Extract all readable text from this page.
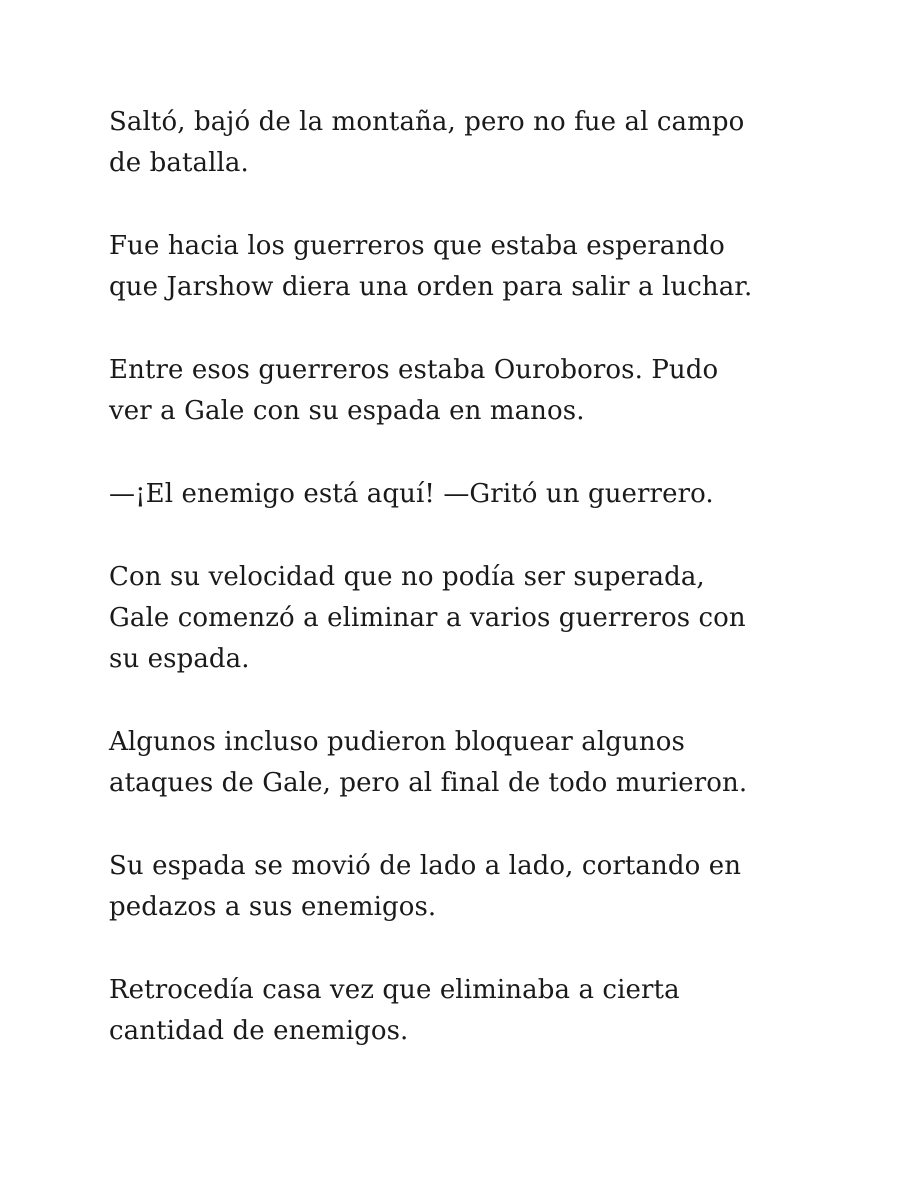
Saltó, bajó de la montaña, pero no fue al campo
de batalla.

Fue hacia los guerreros que estaba esperando
que Jarshow diera una orden para salir a luchar.

Entre esos guerreros estaba Ouroboros. Pudo
ver a Gale con su espada en manos.

—¡El enemigo está aquí! —Gritó un guerrero.

Con su velocidad que no podía ser superada,
Gale comenzó a eliminar a varios guerreros con
su espada.

Algunos incluso pudieron bloquear algunos
ataques de Gale, pero al final de todo murieron.

Su espada se movió de lado a lado, cortando en
pedazos a sus enemigos.

Retrocedía casa vez que eliminaba a cierta
cantidad de enemigos.
